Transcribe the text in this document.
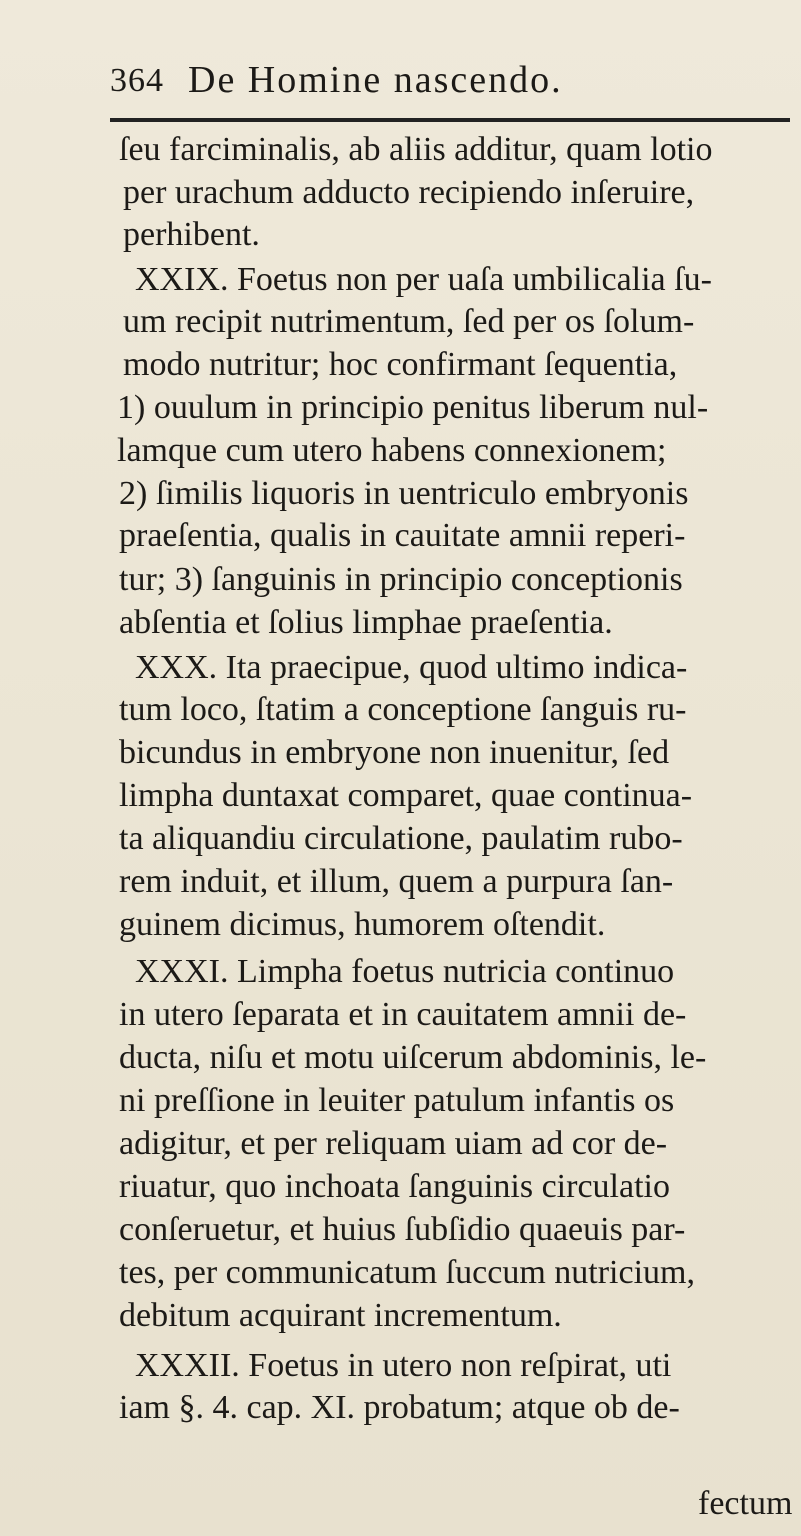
364 De Homine nascendo.
ſeu farciminalis, ab aliis additur, quam lotio
per urachum adducto recipiendo inſeruire,
perhibent.
XXIX. Foetus non per uaſa umbilicalia ſu-
um recipit nutrimentum, ſed per os ſolum-
modo nutritur; hoc confirmant ſequentia,
1) ouulum in principio penitus liberum nul-
lamque cum utero habens connexionem;
2) ſimilis liquoris in uentriculo embryonis
praeſentia, qualis in cauitate amnii reperi-
tur; 3) ſanguinis in principio conceptionis
abſentia et ſolius limphae praeſentia.
XXX. Ita praecipue, quod ultimo indica-
tum loco, ſtatim a conceptione ſanguis ru-
bicundus in embryone non inuenitur, ſed
limpha duntaxat comparet, quae continua-
ta aliquandiu circulatione, paulatim rubo-
rem induit, et illum, quem a purpura ſan-
guinem dicimus, humorem oſtendit.
XXXI. Limpha foetus nutricia continuo
in utero ſeparata et in cauitatem amnii de-
ducta, niſu et motu uiſcerum abdominis, le-
ni preſſione in leuiter patulum infantis os
adigitur, et per reliquam uiam ad cor de-
riuatur, quo inchoata ſanguinis circulatio
conſeruetur, et huius ſubſidio quaeuis par-
tes, per communicatum ſuccum nutricium,
debitum acquirant incrementum.
XXXII. Foetus in utero non reſpirat, uti
iam §. 4. cap. XI. probatum; atque ob de-
fectum
